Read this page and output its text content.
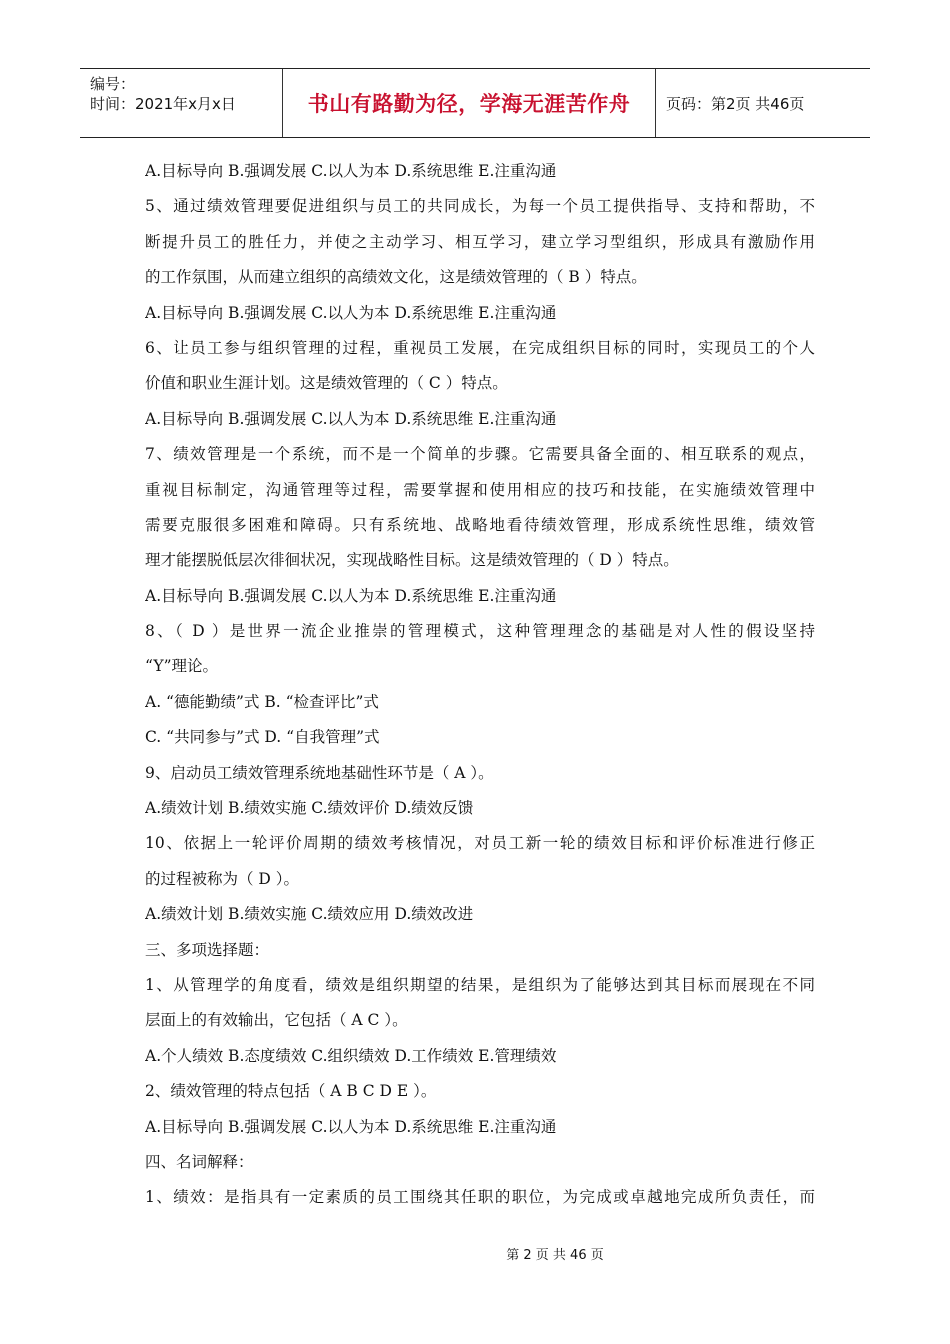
编号：
时间：2021年x月x日	书山有路勤为径，学海无涯苦作舟 页码：第2页 共46页
A.目标导向 B.强调发展 C.以人为本 D.系统思维 E.注重沟通
5、通过绩效管理要促进组织与员工的共同成长，为每一个员工提供指导、支持和帮助，不
断提升员工的胜任力，并使之主动学习、相互学习，建立学习型组织，形成具有激励作用
的工作氛围，从而建立组织的高绩效文化，这是绩效管理的（ B ）特点。
A.目标导向 B.强调发展 C.以人为本 D.系统思维 E.注重沟通
6、让员工参与组织管理的过程，重视员工发展，在完成组织目标的同时，实现员工的个人
价值和职业生涯计划。这是绩效管理的（ C ）特点。
A.目标导向 B.强调发展 C.以人为本 D.系统思维 E.注重沟通
7、绩效管理是一个系统，而不是一个简单的步骤。它需要具备全面的、相互联系的观点，
重视目标制定，沟通管理等过程，需要掌握和使用相应的技巧和技能，在实施绩效管理中
需要克服很多困难和障碍。只有系统地、战略地看待绩效管理，形成系统性思维，绩效管
理才能摆脱低层次徘徊状况，实现战略性目标。这是绩效管理的（ D ）特点。
A.目标导向 B.强调发展 C.以人为本 D.系统思维 E.注重沟通
8、（ D ）是世界一流企业推崇的管理模式，这种管理理念的基础是对人性的假设坚持
“Y”理论。
A. “德能勤绩”式 B. “检查评比”式
C. “共同参与”式 D. “自我管理”式
9、启动员工绩效管理系统地基础性环节是（ A ）。
A.绩效计划 B.绩效实施 C.绩效评价 D.绩效反馈
10、依据上一轮评价周期的绩效考核情况，对员工新一轮的绩效目标和评价标准进行修正
的过程被称为（ D ）。
A.绩效计划 B.绩效实施 C.绩效应用 D.绩效改进
三、多项选择题：
1、从管理学的角度看，绩效是组织期望的结果，是组织为了能够达到其目标而展现在不同
层面上的有效输出，它包括（ A C ）。
A.个人绩效 B.态度绩效 C.组织绩效 D.工作绩效 E.管理绩效
2、绩效管理的特点包括（ A B C D E ）。
A.目标导向 B.强调发展 C.以人为本 D.系统思维 E.注重沟通
四、名词解释：
1、绩效：是指具有一定素质的员工围绕其任职的职位，为完成或卓越地完成所负责任，而
第 2 页 共 46 页
